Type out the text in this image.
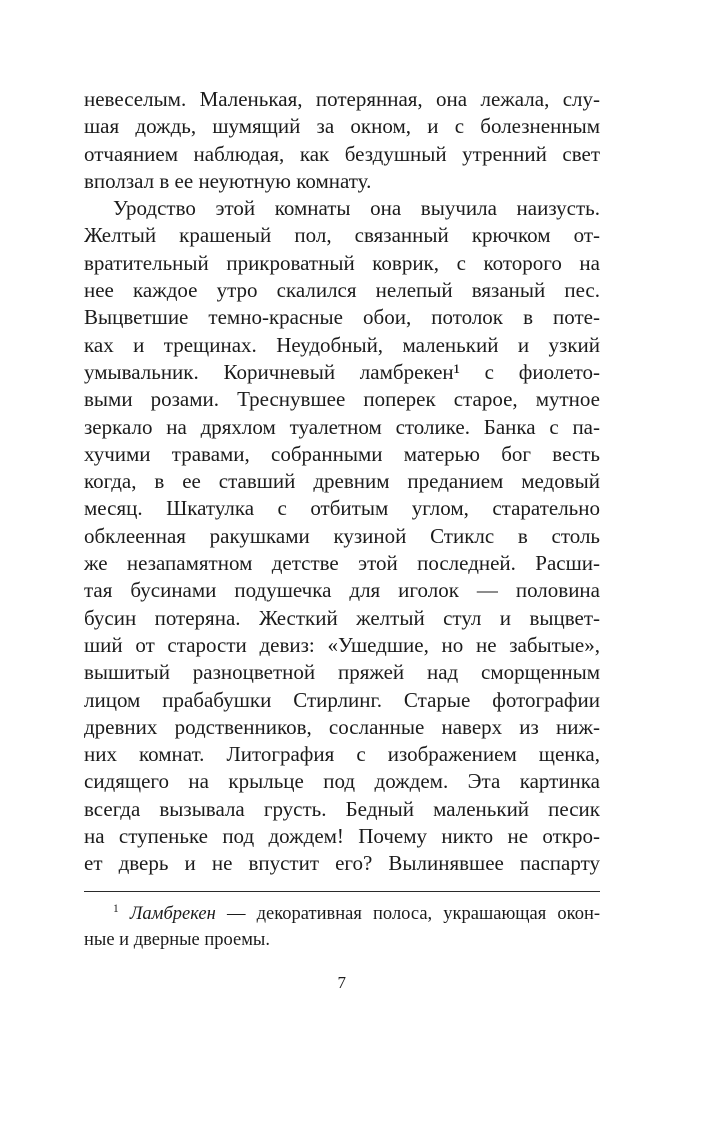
невеселым. Маленькая, потерянная, она лежала, слу-
шая дождь, шумящий за окном, и с болезненным
отчаянием наблюдая, как бездушный утренний свет
вползал в ее неуютную комнату.
Уродство этой комнаты она выучила наизусть.
Желтый крашеный пол, связанный крючком от-
вратительный прикроватный коврик, с которого на
нее каждое утро скалился нелепый вязаный пес.
Выцветшие темно-красные обои, потолок в поте-
ках и трещинах. Неудобный, маленький и узкий
умывальник. Коричневый ламбрекен¹ с фиолето-
выми розами. Треснувшее поперек старое, мутное
зеркало на дряхлом туалетном столике. Банка с па-
хучими травами, собранными матерью бог весть
когда, в ее ставший древним преданием медовый
месяц. Шкатулка с отбитым углом, старательно
обклеенная ракушками кузиной Стиклс в столь
же незапамятном детстве этой последней. Расши-
тая бусинами подушечка для иголок — половина
бусин потеряна. Жесткий желтый стул и выцвет-
ший от старости девиз: «Ушедшие, но не забытые»,
вышитый разноцветной пряжей над сморщенным
лицом прабабушки Стирлинг. Старые фотографии
древних родственников, сосланные наверх из ниж-
них комнат. Литография с изображением щенка,
сидящего на крыльце под дождем. Эта картинка
всегда вызывала грусть. Бедный маленький песик
на ступеньке под дождем! Почему никто не откро-
ет дверь и не впустит его? Вылинявшее паспарту
$^1$ Ламбрекен — декоративная полоса, украшающая окон-
ные и дверные проемы.
7
